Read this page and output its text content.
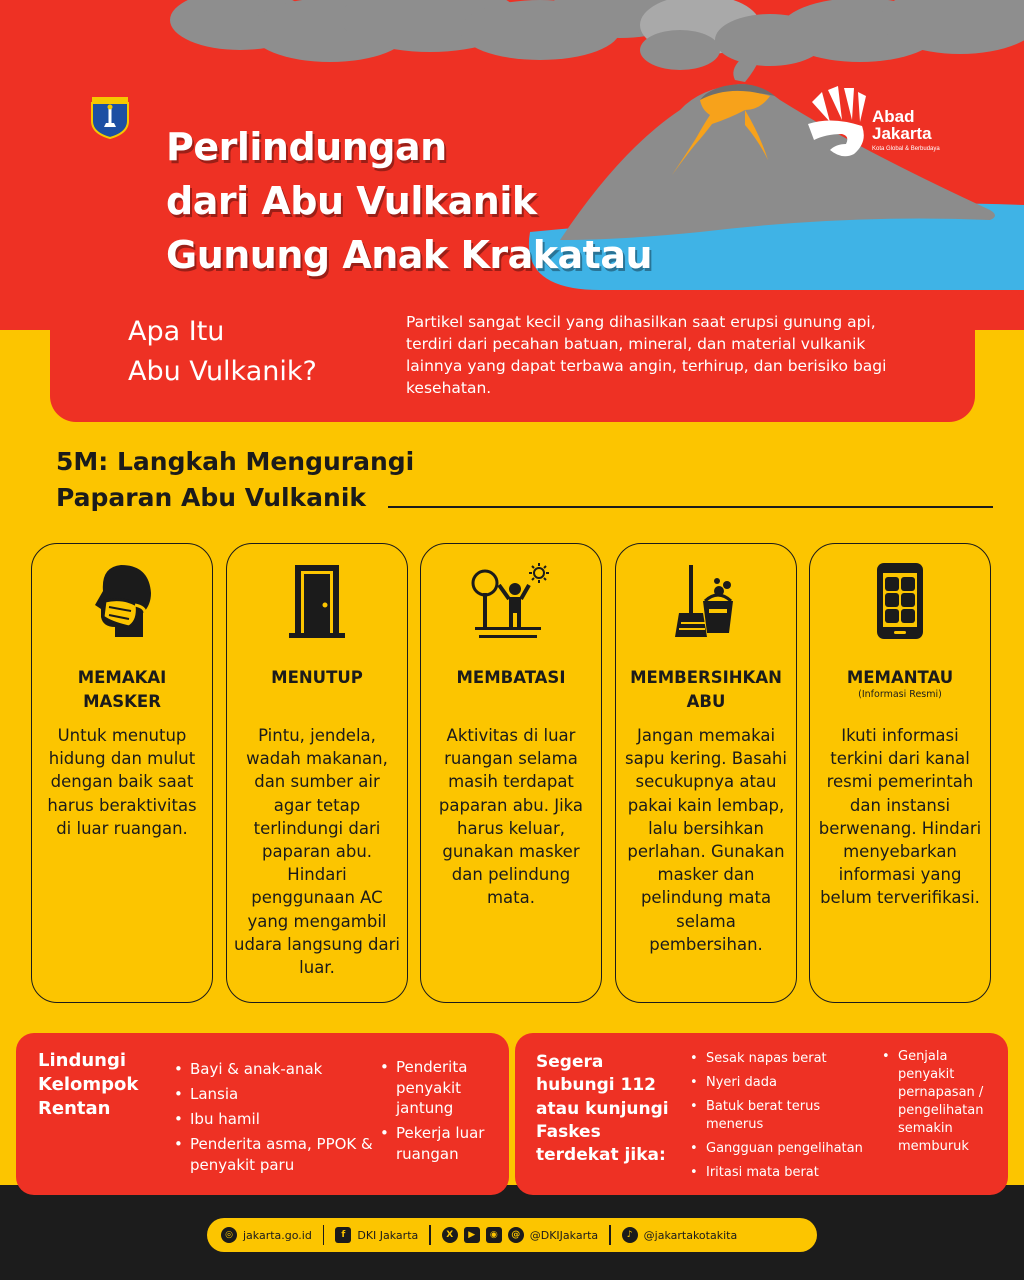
Perlindungan
dari Abu Vulkanik
Gunung Anak Krakatau
Abad
Jakarta
Kota Global & Berbudaya
Apa Itu
Abu Vulkanik?
Partikel sangat kecil yang dihasilkan saat erupsi gunung api, terdiri dari pecahan batuan, mineral, dan material vulkanik lainnya yang dapat terbawa angin, terhirup, dan berisiko bagi kesehatan.
5M: Langkah Mengurangi
Paparan Abu Vulkanik
MEMAKAI MASKER
Untuk menutup hidung dan mulut dengan baik saat harus beraktivitas di luar ruangan.
MENUTUP
Pintu, jendela, wadah makanan, dan sumber air agar tetap terlindungi dari paparan abu. Hindari penggunaan AC yang mengambil udara langsung dari luar.
MEMBATASI
Aktivitas di luar ruangan selama masih terdapat paparan abu. Jika harus keluar, gunakan masker dan pelindung mata.
MEMBERSIHKAN ABU
Jangan memakai sapu kering. Basahi secukupnya atau pakai kain lembap, lalu bersihkan perlahan. Gunakan masker dan pelindung mata selama pembersihan.
MEMANTAU
(Informasi Resmi)
Ikuti informasi terkini dari kanal resmi pemerintah dan instansi berwenang. Hindari menyebarkan informasi yang belum terverifikasi.
Lindungi
Kelompok
Rentan
• Bayi & anak-anak
• Lansia
• Ibu hamil
• Penderita asma, PPOK & penyakit paru
• Penderita penyakit jantung
• Pekerja luar ruangan
Segera
hubungi 112
atau kunjungi
Faskes
terdekat jika:
• Sesak napas berat
• Nyeri dada
• Batuk berat terus menerus
• Gangguan pengelihatan
• Iritasi mata berat
• Genjala penyakit pernapasan / pengelihatan semakin memburuk
◎ jakarta.go.id	f	DKI Jakarta	X	▶	◉	@ @DKIJakarta	♪	@jakartakotakita
